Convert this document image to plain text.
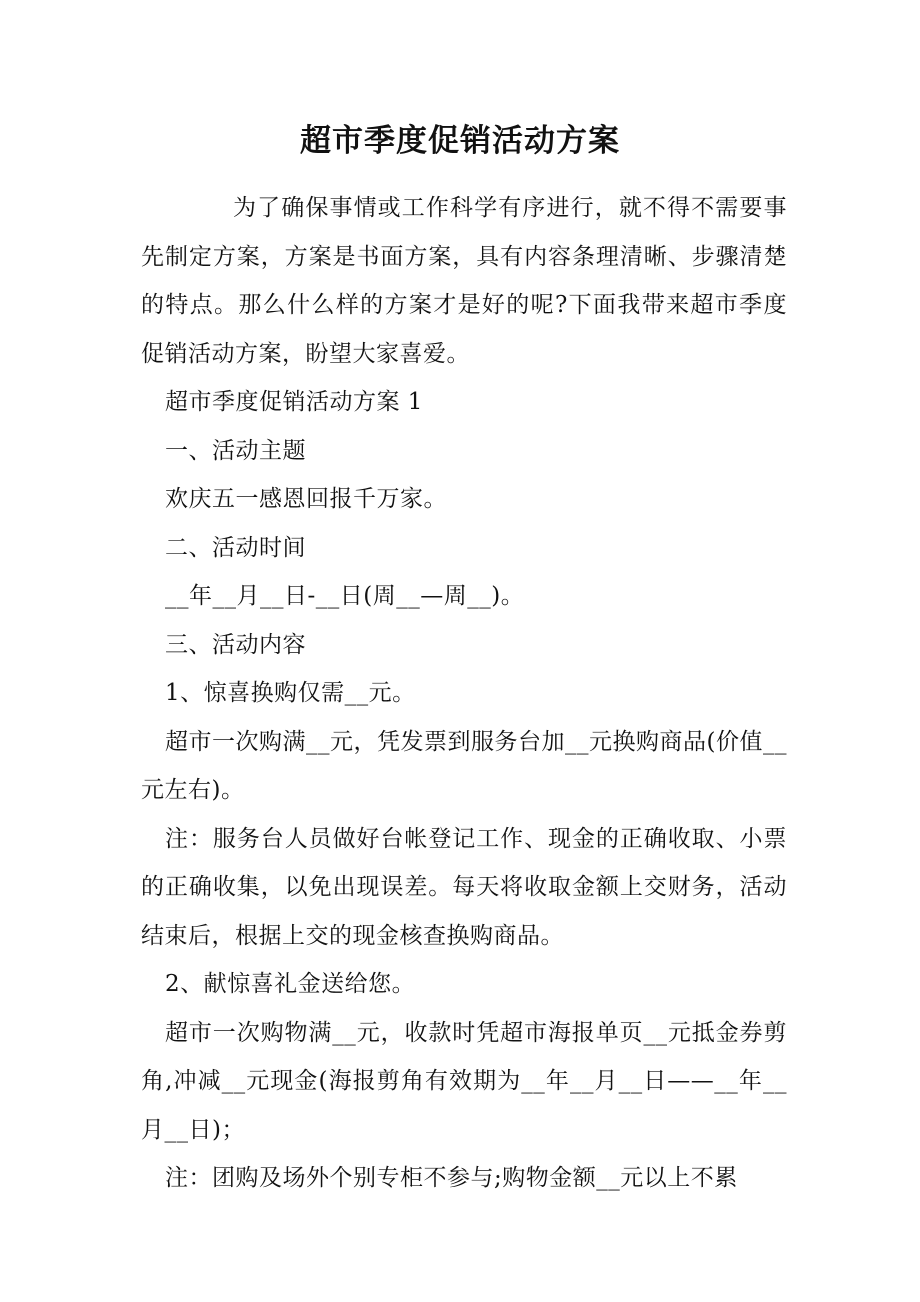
超市季度促销活动方案

为了确保事情或工作科学有序进行，就不得不需要事先制定方案，方案是书面方案，具有内容条理清晰、步骤清楚的特点。那么什么样的方案才是好的呢?下面我带来超市季度促销活动方案，盼望大家喜爱。

超市季度促销活动方案 1

一、活动主题

欢庆五一感恩回报千万家。

二、活动时间

__年__月__日-__日(周__—周__)。

三、活动内容

1、惊喜换购仅需__元。

超市一次购满__元，凭发票到服务台加__元换购商品(价值__元左右)。

注：服务台人员做好台帐登记工作、现金的正确收取、小票的正确收集，以免出现误差。每天将收取金额上交财务，活动结束后，根据上交的现金核查换购商品。

2、献惊喜礼金送给您。

超市一次购物满__元，收款时凭超市海报单页__元抵金券剪角,冲减__元现金(海报剪角有效期为__年__月__日——__年__月__日)；

注：团购及场外个别专柜不参与;购物金额__元以上不累
